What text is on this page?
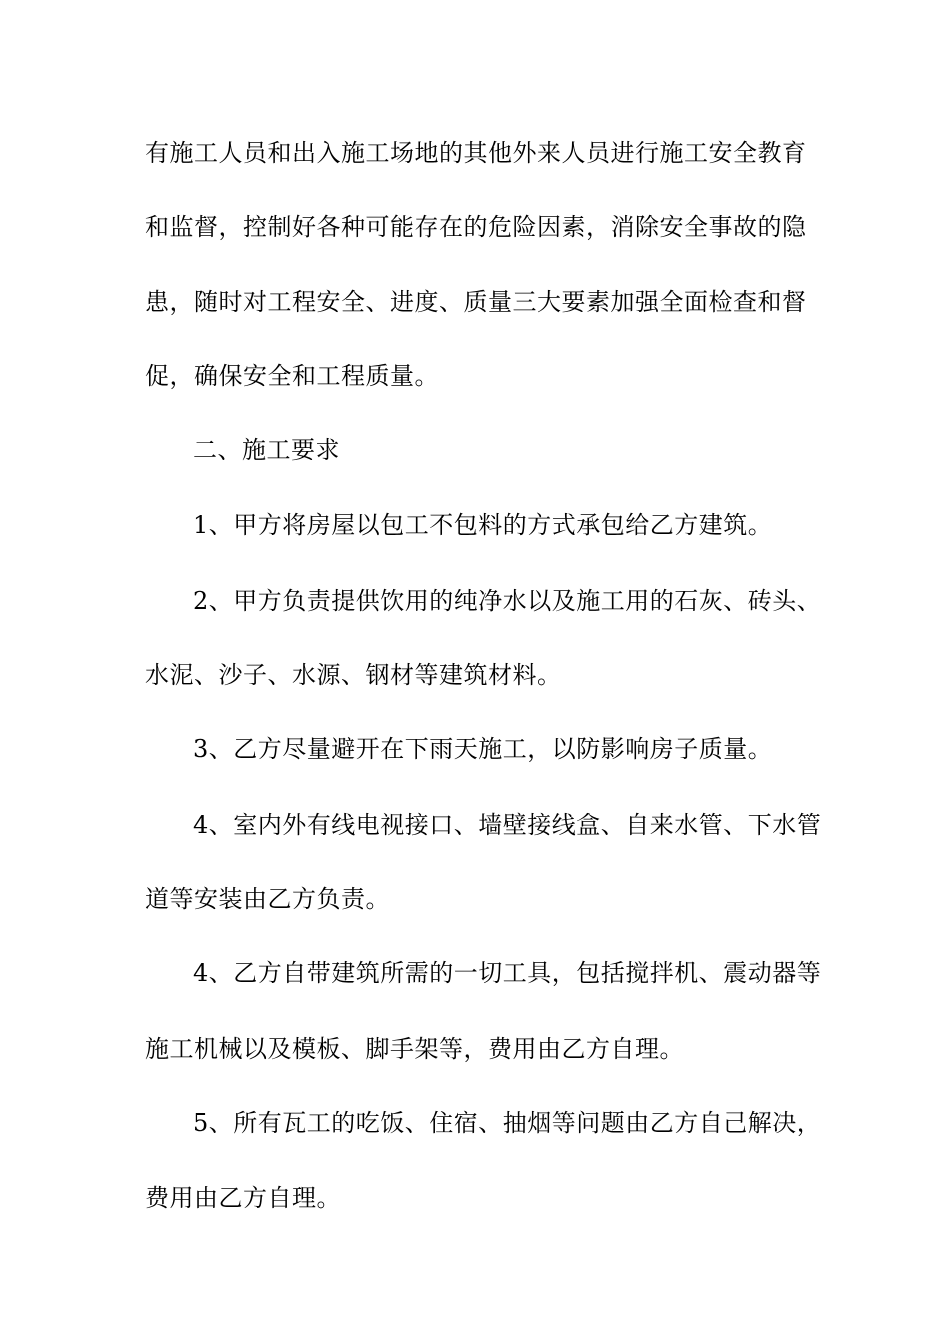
有施工人员和出入施工场地的其他外来人员进行施工安全教育
和监督，控制好各种可能存在的危险因素，消除安全事故的隐
患，随时对工程安全、进度、质量三大要素加强全面检查和督
促，确保安全和工程质量。
二、施工要求
1、甲方将房屋以包工不包料的方式承包给乙方建筑。
2、甲方负责提供饮用的纯净水以及施工用的石灰、砖头、
水泥、沙子、水源、钢材等建筑材料。
3、乙方尽量避开在下雨天施工，以防影响房子质量。
4、室内外有线电视接口、墙壁接线盒、自来水管、下水管
道等安装由乙方负责。
4、乙方自带建筑所需的一切工具，包括搅拌机、震动器等
施工机械以及模板、脚手架等，费用由乙方自理。
5、所有瓦工的吃饭、住宿、抽烟等问题由乙方自己解决，
费用由乙方自理。
